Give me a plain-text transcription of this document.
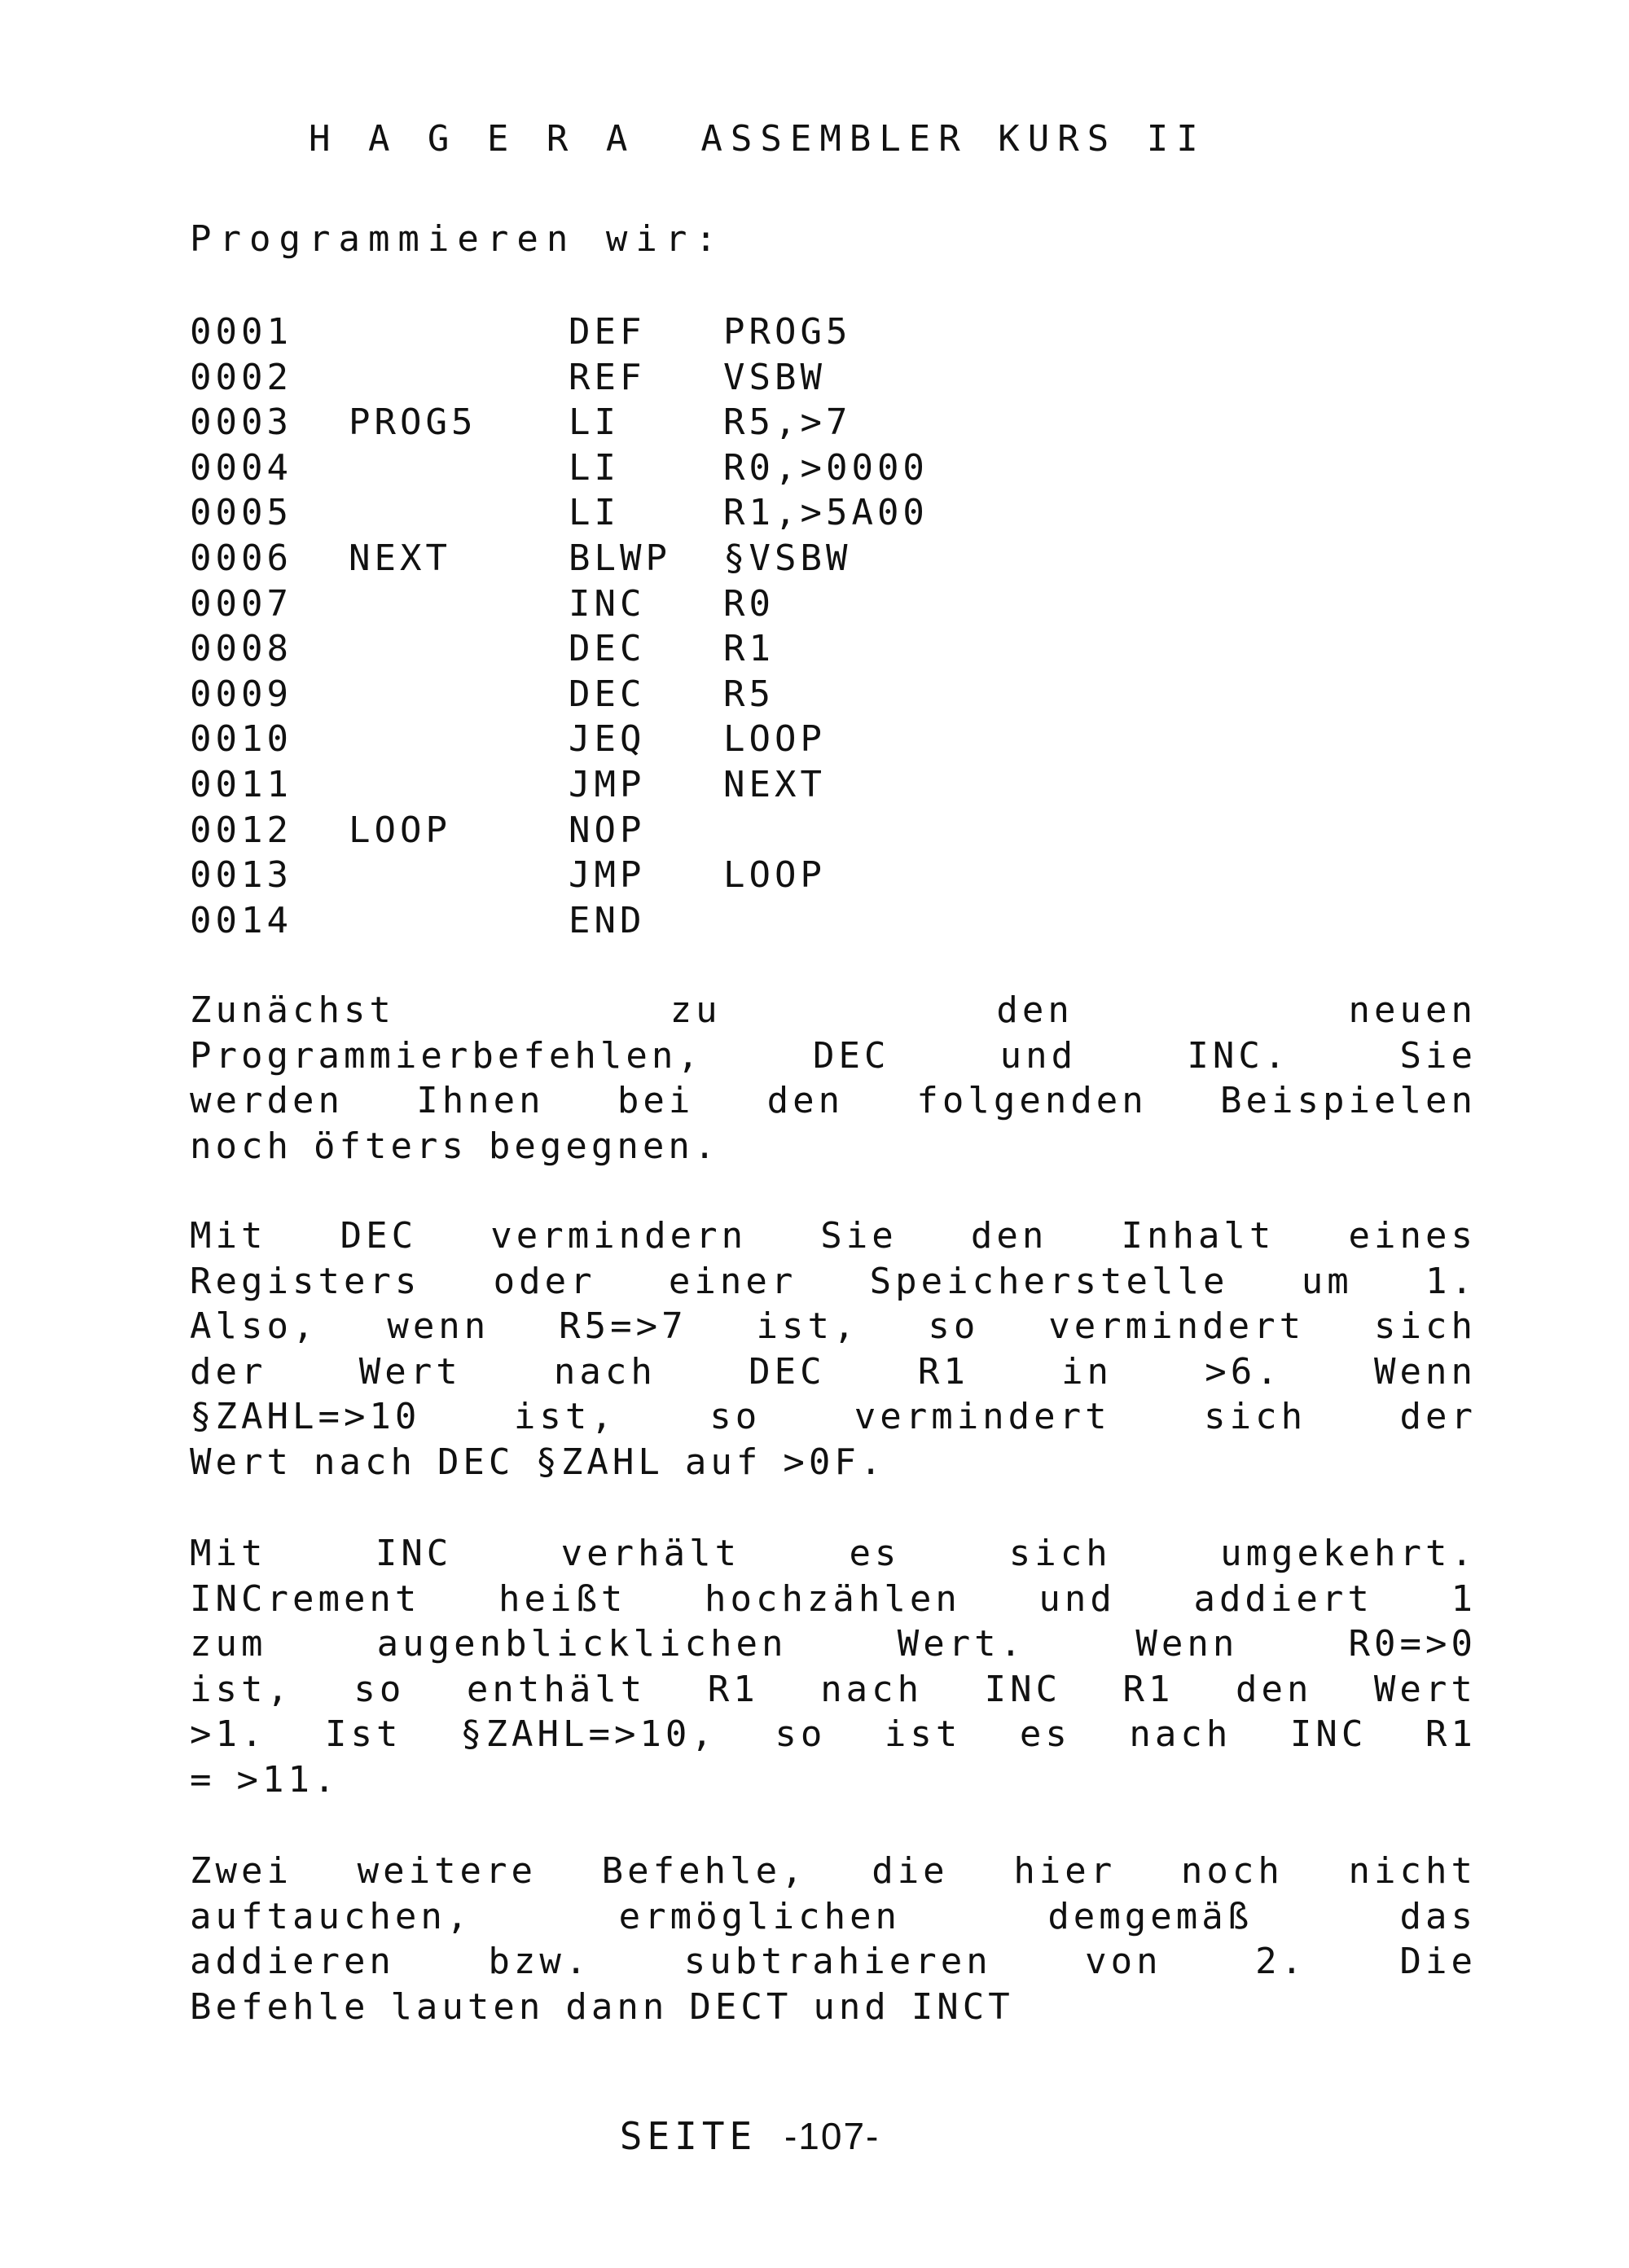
H A G E R A ASSEMBLER KURS II

Programmieren wir:
0001	DEF PROG5
0002	REF VSBW
0003 PROG5	LI	R5,>7
0004	LI	R0,>0000
0005	LI	R1,>5A00
0006 NEXT	BLWP §VSBW
0007	INC R0
0008	DEC R1
0009	DEC R5
0010	JEQ LOOP
0011	JMP NEXT
0012 LOOP	NOP
0013	JMP LOOP
0014	END
Zunächst	zu	den	neuen
Programmierbefehlen,	DEC	und	INC.	Sie
werden Ihnen bei den folgenden Beispielen
noch öfters begegnen.
Mit DEC vermindern Sie den Inhalt eines
Registers oder einer Speicherstelle um 1.
Also, wenn R5=>7 ist, so vermindert sich
der	Wert	nach	DEC	R1	in	>6.	Wenn
§ZAHL=>10	ist,	so	vermindert	sich	der
Wert nach DEC §ZAHL auf >0F.
Mit	INC	verhält	es	sich	umgekehrt.
INCrement heißt hochzählen und addiert 1
zum	augenblicklichen	Wert.	Wenn	R0=>0
ist, so enthält R1 nach INC R1 den Wert
>1. Ist §ZAHL=>10, so ist es nach INC R1
= >11.
Zwei weitere Befehle, die hier noch nicht
auftauchen,	ermöglichen	demgemäß	das
addieren	bzw.	subtrahieren	von	2.	Die
Befehle lauten dann DECT und INCT

SEITE -107-
